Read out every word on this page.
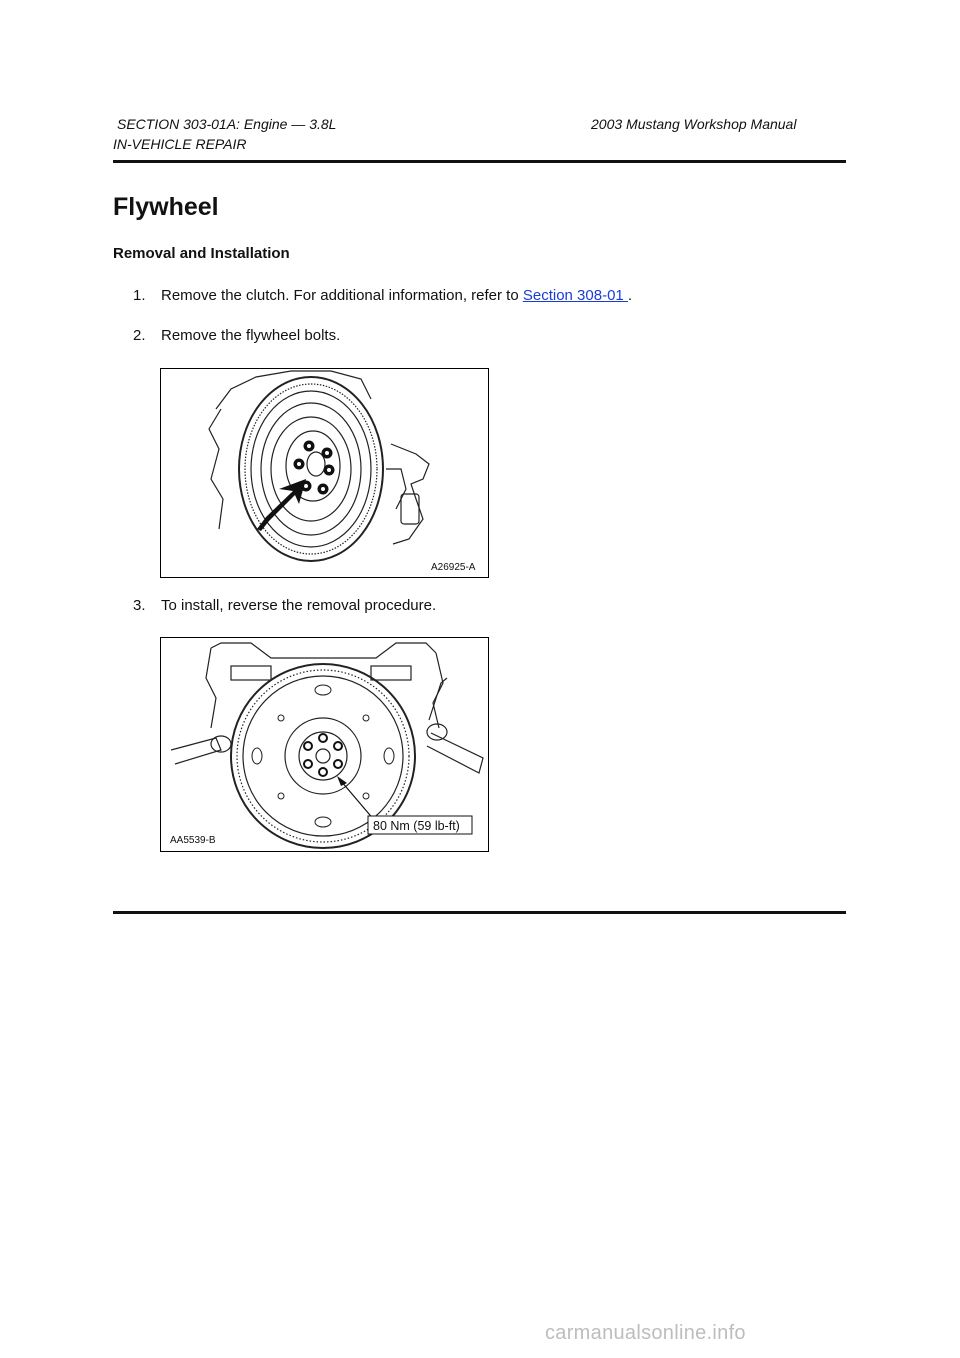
SECTION 303-01A: Engine — 3.8L	2003 Mustang Workshop Manual
IN-VEHICLE REPAIR
Flywheel
Removal and Installation
1. Remove the clutch. For additional information, refer to Section 308-01 .
2. Remove the flywheel bolts.
A26925-A
3. To install, reverse the removal procedure.
80 Nm (59 lb-ft)
AA5539-B
carmanualsonline.info
